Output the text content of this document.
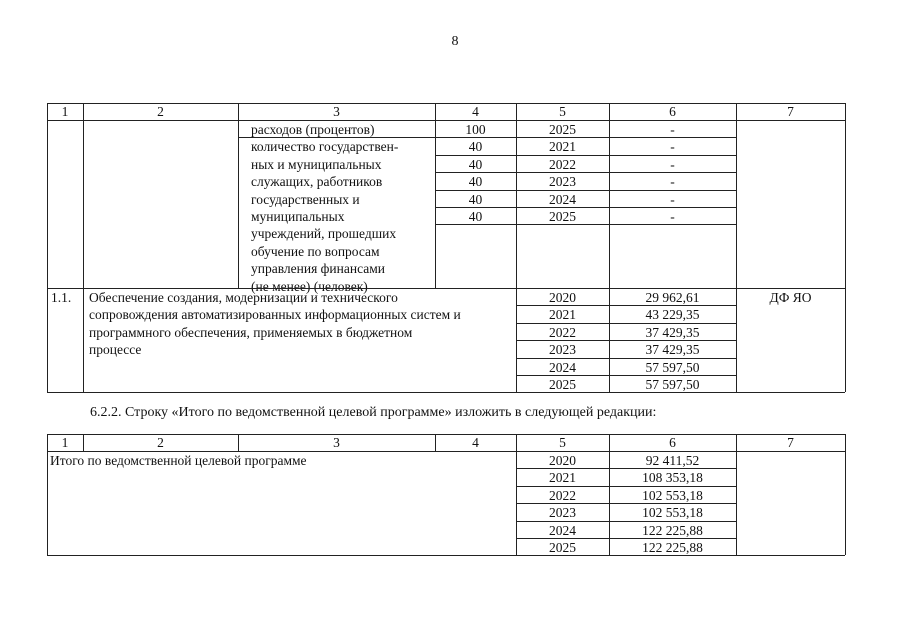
8
1	2	3	4	5	6	7
расходов (процентов)	100	2025	-
количество государствен-
ных и муниципальных
служащих, работников
государственных и
муниципальных
учреждений, прошедших
обучение по вопросам
управления финансами
(не менее) (человек)
40	2021	-
40	2022	-
40	2023	-
40	2024	-
40	2025	-
1.1. Обеспечение создания, модернизации и технического
сопровождения автоматизированных информационных систем и
программного обеспечения, применяемых в бюджетном
процессе
ДФ ЯО
2020	29 962,61
2021	43 229,35
2022	37 429,35
2023	37 429,35
2024	57 597,50
2025	57 597,50
6.2.2. Строку «Итого по ведомственной целевой программе» изложить в следующей редакции:
1	2	3	4	5	6	7
Итого по ведомственной целевой программе	2020	92 411,52
2021	108 353,18
2022	102 553,18
2023	102 553,18
2024	122 225,88
2025	122 225,88
